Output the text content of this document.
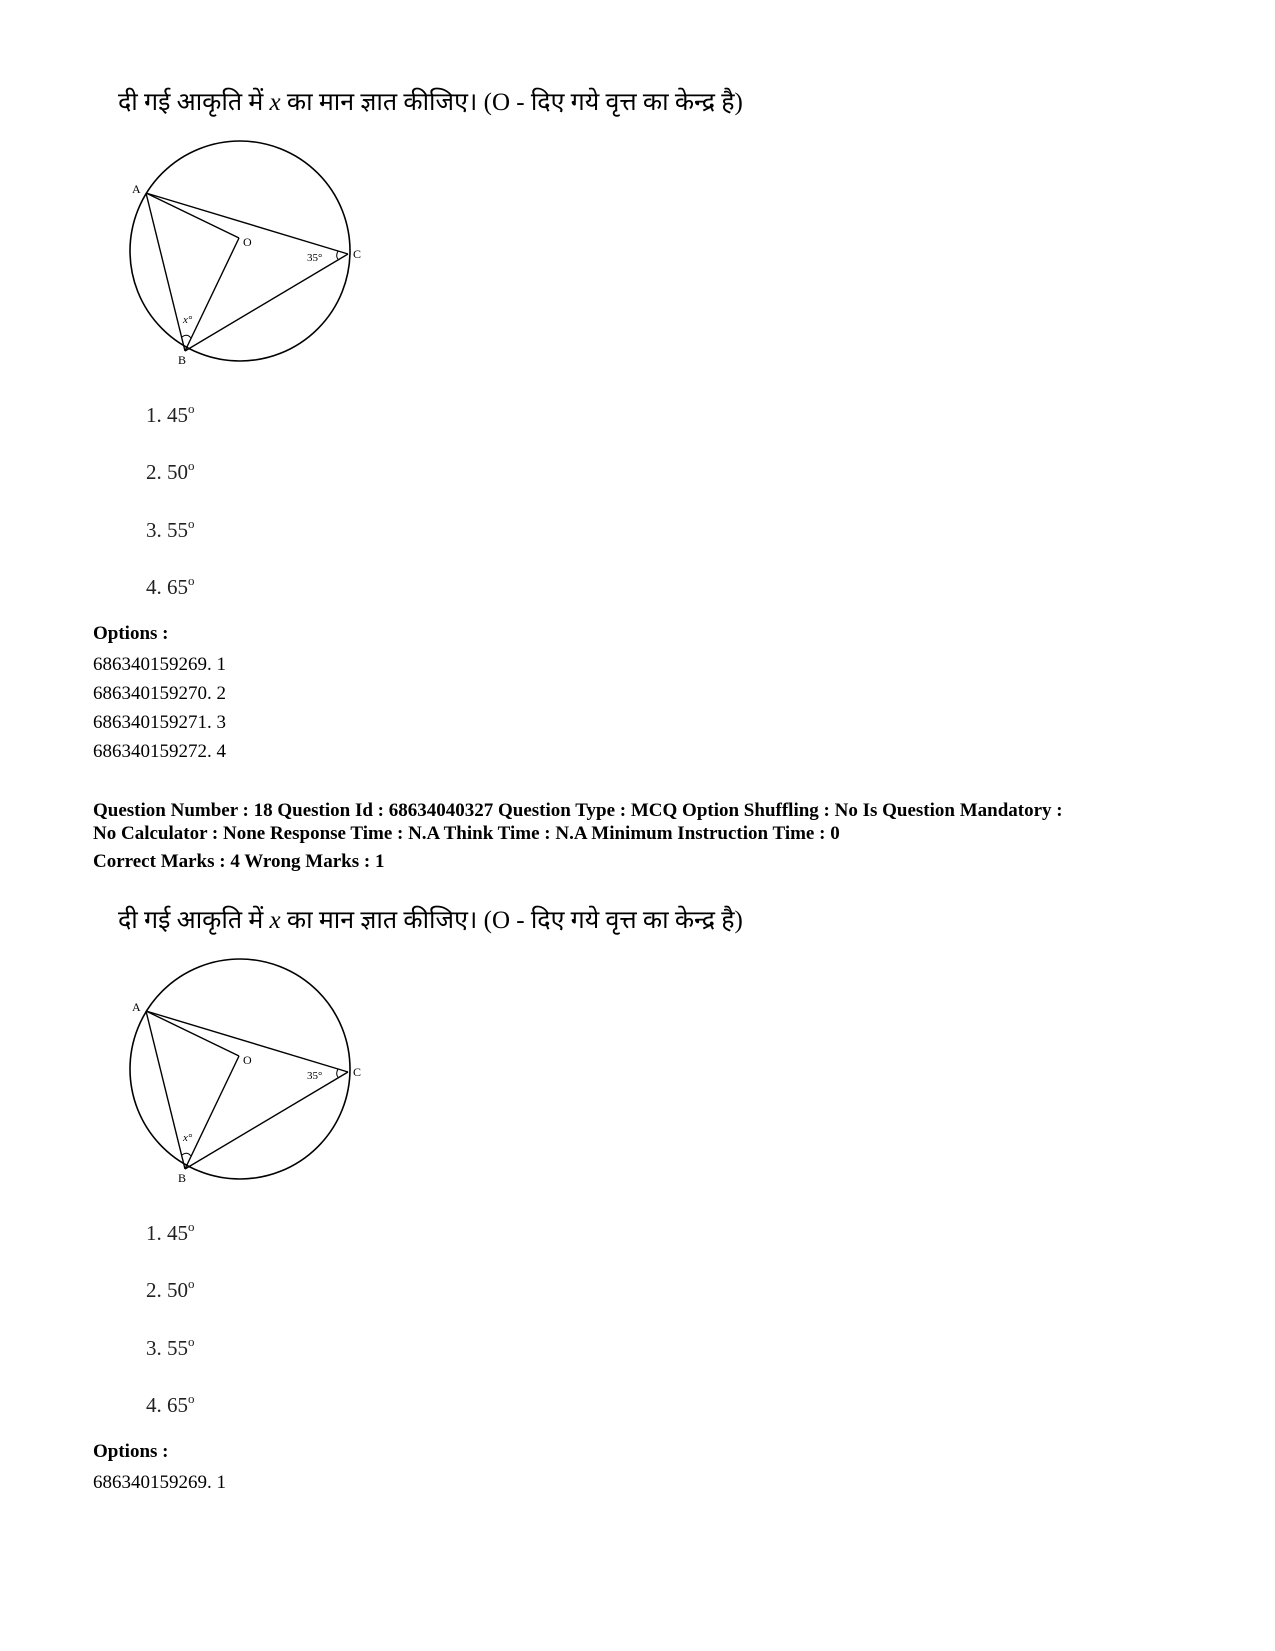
दी गई आकृति में x का मान ज्ञात कीजिए। (O - दिए गये वृत्त का केन्द्र है)
A
B
C
O
35°
x°
1. 45$^o$
2. 50$^o$
3. 55$^o$
4. 65$^o$
Options :
686340159269. 1
686340159270. 2
686340159271. 3
686340159272. 4
Question Number : 18 Question Id : 68634040327 Question Type : MCQ Option Shuffling : No Is Question Mandatory :
No Calculator : None Response Time : N.A Think Time : N.A Minimum Instruction Time : 0
Correct Marks : 4 Wrong Marks : 1
दी गई आकृति में x का मान ज्ञात कीजिए। (O - दिए गये वृत्त का केन्द्र है)
A
B
C
O
35°
x°
1. 45$^o$
2. 50$^o$
3. 55$^o$
4. 65$^o$
Options :
686340159269. 1
